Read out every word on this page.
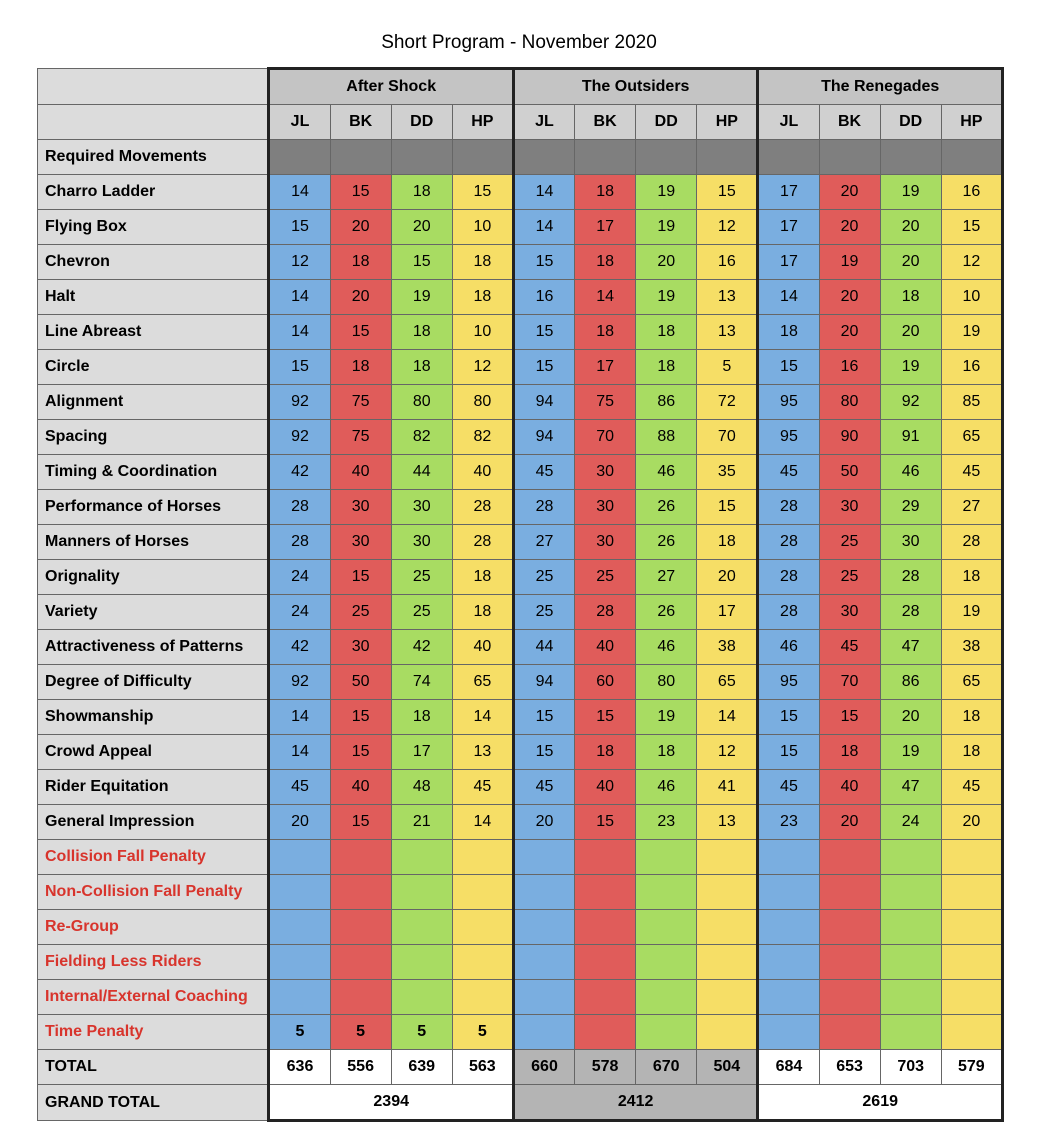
Short Program - November 2020
	After Shock				The Outsiders				The Renegades			
	JL	BK	DD	HP	JL	BK	DD	HP	JL	BK	DD	HP
Required Movements												
Charro Ladder	14	15	18	15	14	18	19	15	17	20	19	16
Flying Box	15	20	20	10	14	17	19	12	17	20	20	15
Chevron	12	18	15	18	15	18	20	16	17	19	20	12
Halt	14	20	19	18	16	14	19	13	14	20	18	10
Line Abreast	14	15	18	10	15	18	18	13	18	20	20	19
Circle	15	18	18	12	15	17	18	5	15	16	19	16
Alignment	92	75	80	80	94	75	86	72	95	80	92	85
Spacing	92	75	82	82	94	70	88	70	95	90	91	65
Timing & Coordination	42	40	44	40	45	30	46	35	45	50	46	45
Performance of Horses	28	30	30	28	28	30	26	15	28	30	29	27
Manners of Horses	28	30	30	28	27	30	26	18	28	25	30	28
Orignality	24	15	25	18	25	25	27	20	28	25	28	18
Variety	24	25	25	18	25	28	26	17	28	30	28	19
Attractiveness of Patterns	42	30	42	40	44	40	46	38	46	45	47	38
Degree of Difficulty	92	50	74	65	94	60	80	65	95	70	86	65
Showmanship	14	15	18	14	15	15	19	14	15	15	20	18
Crowd Appeal	14	15	17	13	15	18	18	12	15	18	19	18
Rider Equitation	45	40	48	45	45	40	46	41	45	40	47	45
General Impression	20	15	21	14	20	15	23	13	23	20	24	20
Collision Fall Penalty												
Non-Collision Fall Penalty												
Re-Group												
Fielding Less Riders												
Internal/External Coaching												
Time Penalty	5	5	5	5								
TOTAL	636	556	639	563	660	578	670	504	684	653	703	579
GRAND TOTAL	2394				2412				2619			
